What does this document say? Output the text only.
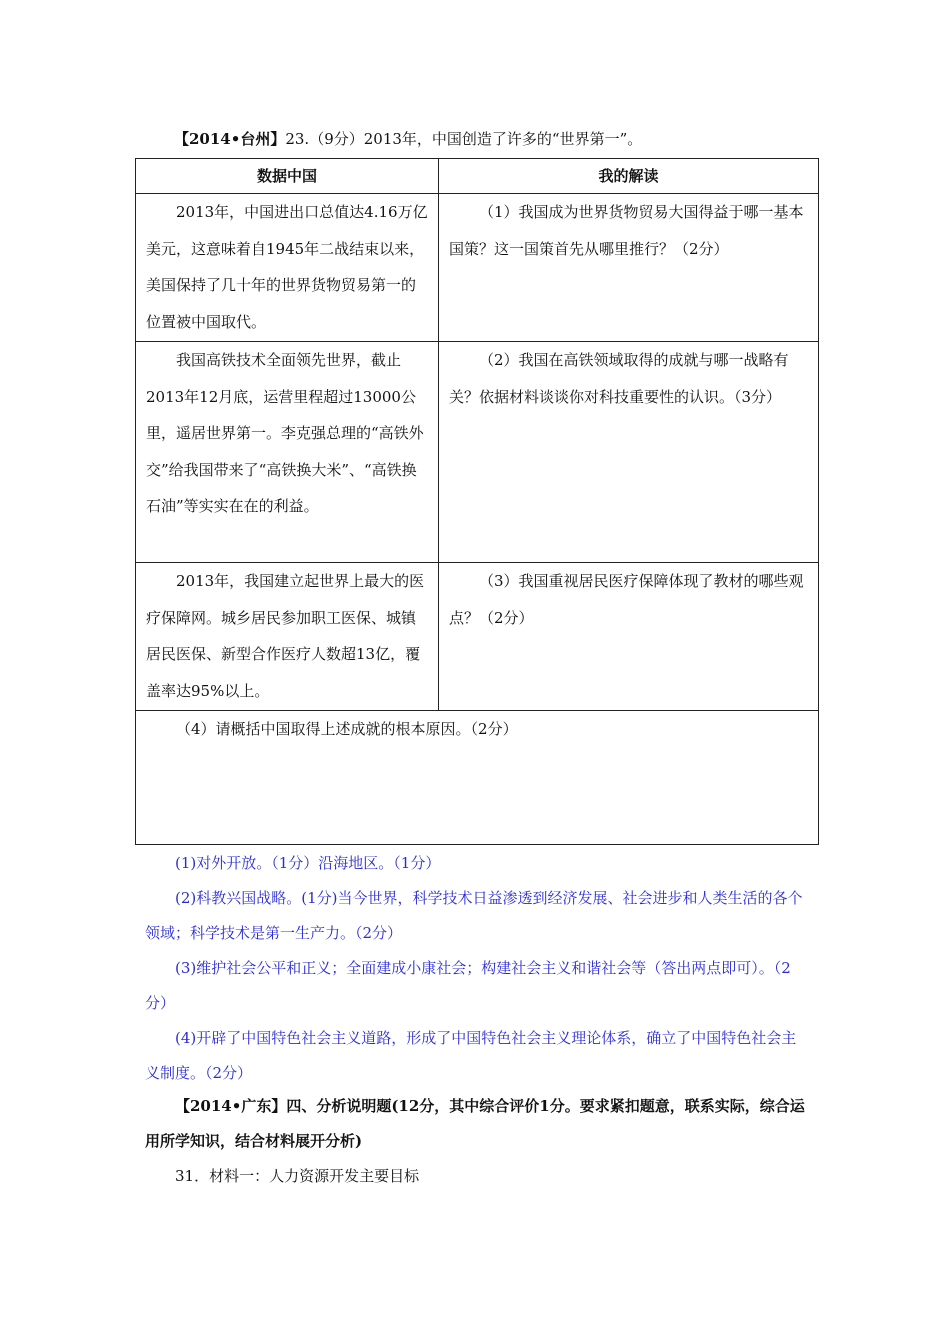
【2014•台州】23.（9分）2013年，中国创造了许多的“世界第一”。
数据中国	我的解读
2013年，中国进出口总值达4.16万亿美元，这意味着自1945年二战结束以来，美国保持了几十年的世界货物贸易第一的位置被中国取代。	（1）我国成为世界货物贸易大国得益于哪一基本国策？这一国策首先从哪里推行？（2分）
我国高铁技术全面领先世界，截止2013年12月底，运营里程超过13000公里，遥居世界第一。李克强总理的“高铁外交”给我国带来了“高铁换大米”、“高铁换石油”等实实在在的利益。	（2）我国在高铁领域取得的成就与哪一战略有关？依据材料谈谈你对科技重要性的认识。（3分）
2013年，我国建立起世界上最大的医疗保障网。城乡居民参加职工医保、城镇居民医保、新型合作医疗人数超13亿，覆盖率达95%以上。	（3）我国重视居民医疗保障体现了教材的哪些观点？（2分）
（4）请概括中国取得上述成就的根本原因。（2分）	

(1)对外开放。（1分）沿海地区。（1分）

(2)科教兴国战略。(1分)当今世界，科学技术日益渗透到经济发展、社会进步和人类生活的各个领域；科学技术是第一生产力。（2分）

(3)维护社会公平和正义；全面建成小康社会；构建社会主义和谐社会等（答出两点即可）。（2分）

(4)开辟了中国特色社会主义道路，形成了中国特色社会主义理论体系，确立了中国特色社会主义制度。（2分）

【2014•广东】四、分析说明题(12分，其中综合评价1分。要求紧扣题意，联系实际，综合运用所学知识，结合材料展开分析)

31．材料一：人力资源开发主要目标
